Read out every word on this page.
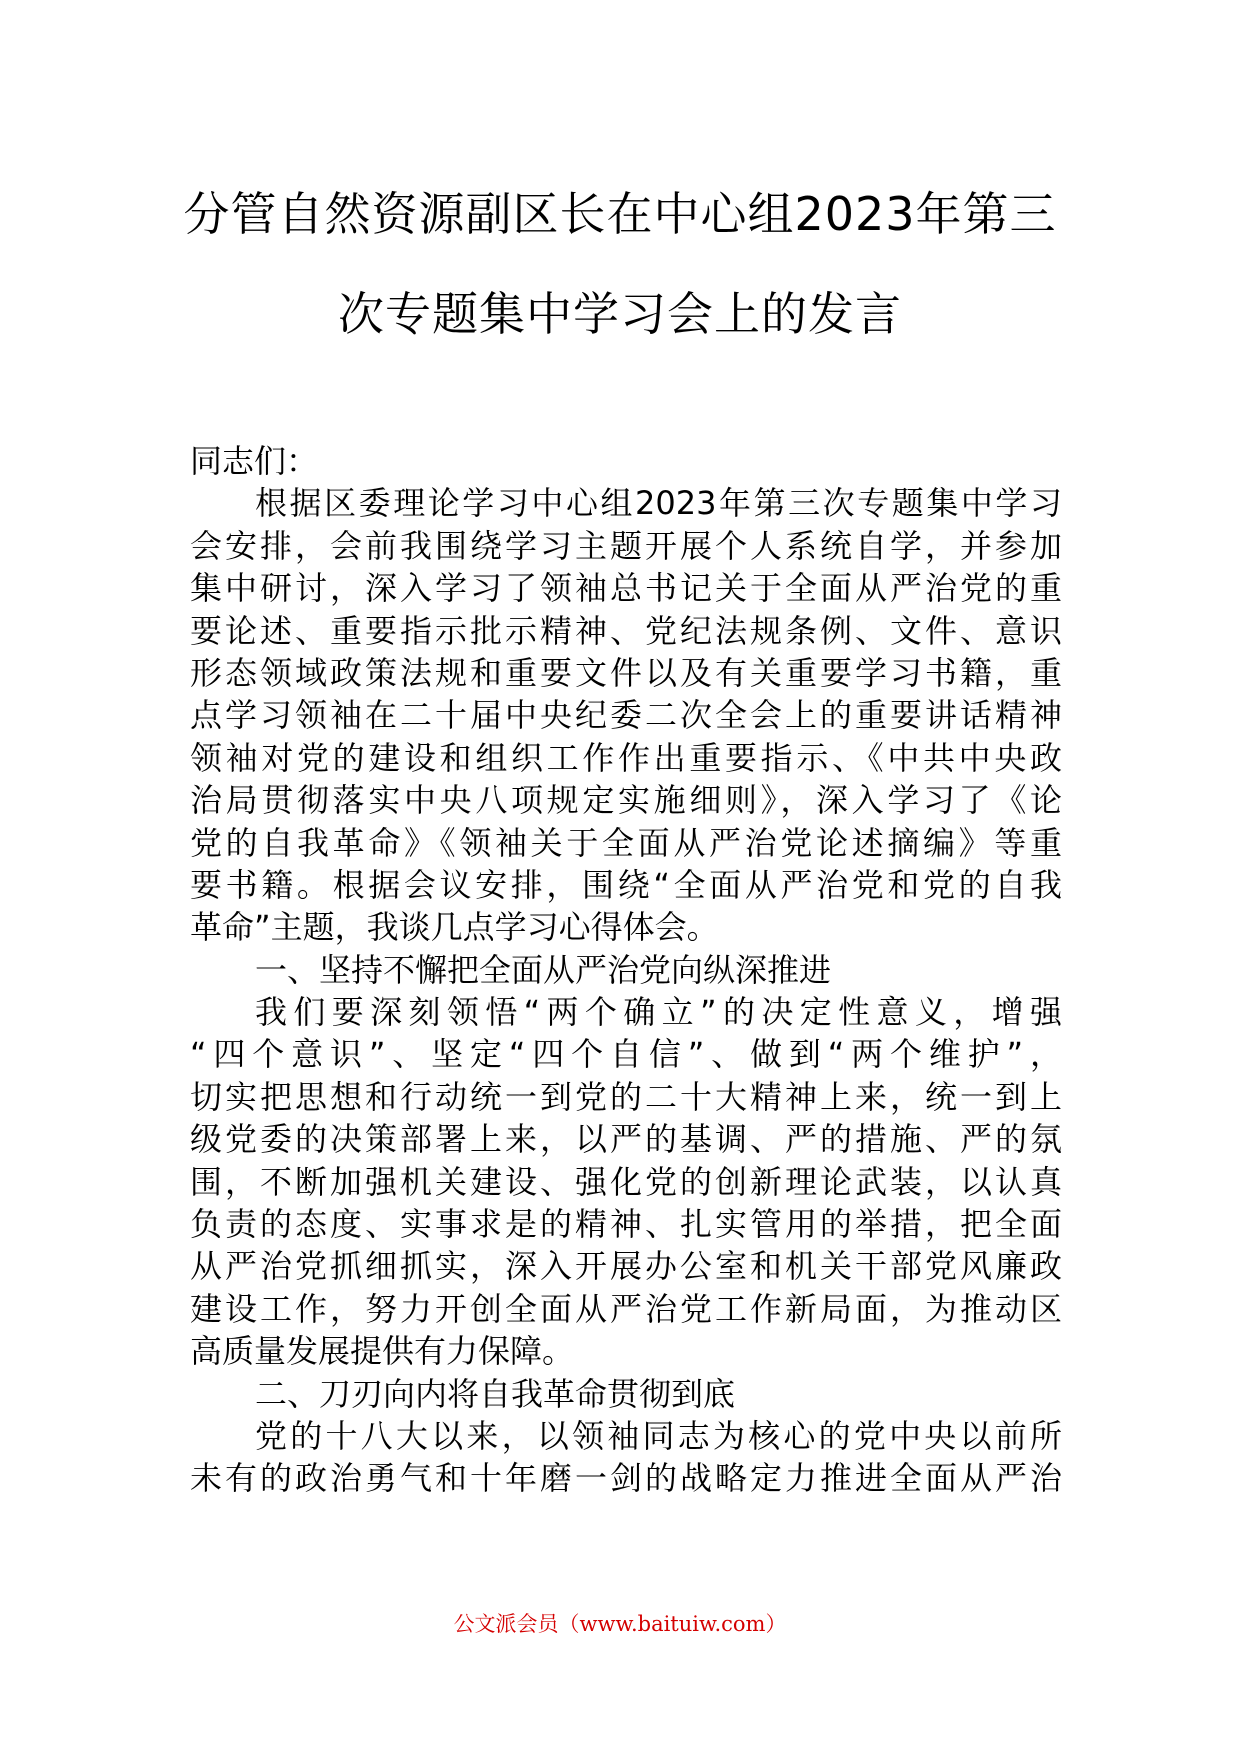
分管自然资源副区长在中心组2023年第三
次专题集中学习会上的发言
同志们：
根据区委理论学习中心组2023年第三次专题集中学习
会安排，会前我围绕学习主题开展个人系统自学，并参加
集中研讨，深入学习了领袖总书记关于全面从严治党的重
要论述、重要指示批示精神、党纪法规条例、文件、意识
形态领域政策法规和重要文件以及有关重要学习书籍，重
点学习领袖在二十届中央纪委二次全会上的重要讲话精神
领袖对党的建设和组织工作作出重要指示、《中共中央政
治局贯彻落实中央八项规定实施细则》，深入学习了《论
党的自我革命》《领袖关于全面从严治党论述摘编》等重
要书籍。根据会议安排，围绕“全面从严治党和党的自我
革命”主题，我谈几点学习心得体会。
一、坚持不懈把全面从严治党向纵深推进
我们要深刻领悟“两个确立”的决定性意义，增强
“四个意识”、坚定“四个自信”、做到“两个维护”，
切实把思想和行动统一到党的二十大精神上来，统一到上
级党委的决策部署上来，以严的基调、严的措施、严的氛
围，不断加强机关建设、强化党的创新理论武装，以认真
负责的态度、实事求是的精神、扎实管用的举措，把全面
从严治党抓细抓实，深入开展办公室和机关干部党风廉政
建设工作，努力开创全面从严治党工作新局面，为推动区
高质量发展提供有力保障。
二、刀刃向内将自我革命贯彻到底
党的十八大以来，以领袖同志为核心的党中央以前所
未有的政治勇气和十年磨一剑的战略定力推进全面从严治
公文派会员（www.baituiw.com）
